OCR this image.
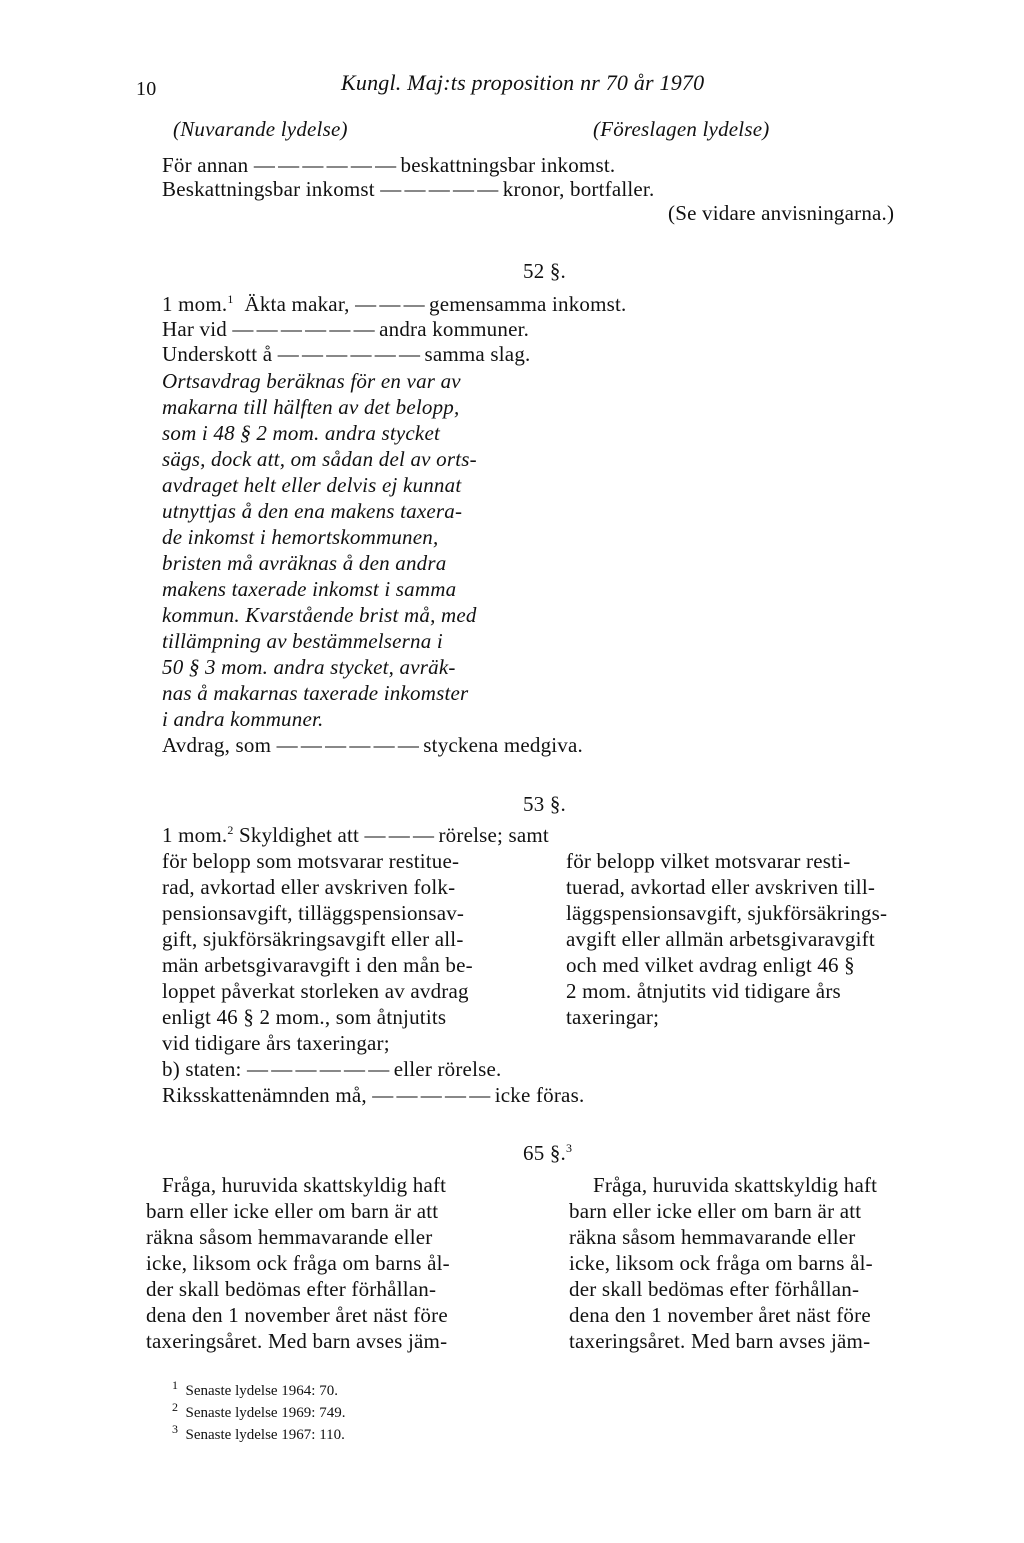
10	Kungl. Maj:ts proposition nr 70 år 1970
(Nuvarande lydelse)	(Föreslagen lydelse)
För annan — — — — — — beskattningsbar inkomst.
Beskattningsbar inkomst — — — — — kronor, bortfaller.
(Se vidare anvisningarna.)
52 §.
1 mom.$^1$ Äkta makar, — — — gemensamma inkomst.
Har vid — — — — — — andra kommuner.
Underskott å — — — — — — samma slag.
Ortsavdrag beräknas för en var av
makarna till hälften av det belopp,
som i 48 § 2 mom. andra stycket
sägs, dock att, om sådan del av orts-
avdraget helt eller delvis ej kunnat
utnyttjas å den ena makens taxera-
de inkomst i hemortskommunen,
bristen må avräknas å den andra
makens taxerade inkomst i samma
kommun. Kvarstående brist må, med
tillämpning av bestämmelserna i
50 § 3 mom. andra stycket, avräk-
nas å makarnas taxerade inkomster
i andra kommuner.
Avdrag, som — — — — — — styckena medgiva.
53 §.
1 mom.$^2$ Skyldighet att — — — rörelse; samt
för belopp som motsvarar restitue-
rad, avkortad eller avskriven folk-
pensionsavgift, tilläggspensionsav-
gift, sjukförsäkringsavgift eller all-
män arbetsgivaravgift i den mån be-
loppet påverkat storleken av avdrag
enligt 46 § 2 mom., som åtnjutits
för belopp vilket motsvarar resti-
tuerad, avkortad eller avskriven till-
läggspensionsavgift, sjukförsäkrings-
avgift eller allmän arbetsgivaravgift
och med vilket avdrag enligt 46 §
2 mom. åtnjutits vid tidigare års
taxeringar;
vid tidigare års taxeringar;
b) staten: — — — — — — eller rörelse.
Riksskattenämnden må, — — — — — icke föras.
65 §.$^3$
Fråga, huruvida skattskyldig haft
barn eller icke eller om barn är att
räkna såsom hemmavarande eller
icke, liksom ock fråga om barns ål-
der skall bedömas efter förhållan-
dena den 1 november året näst före
taxeringsåret. Med barn avses jäm-
Fråga, huruvida skattskyldig haft
barn eller icke eller om barn är att
räkna såsom hemmavarande eller
icke, liksom ock fråga om barns ål-
der skall bedömas efter förhållan-
dena den 1 november året näst före
taxeringsåret. Med barn avses jäm-
$^1$ Senaste lydelse 1964: 70.
$^2$ Senaste lydelse 1969: 749.
$^3$ Senaste lydelse 1967: 110.
